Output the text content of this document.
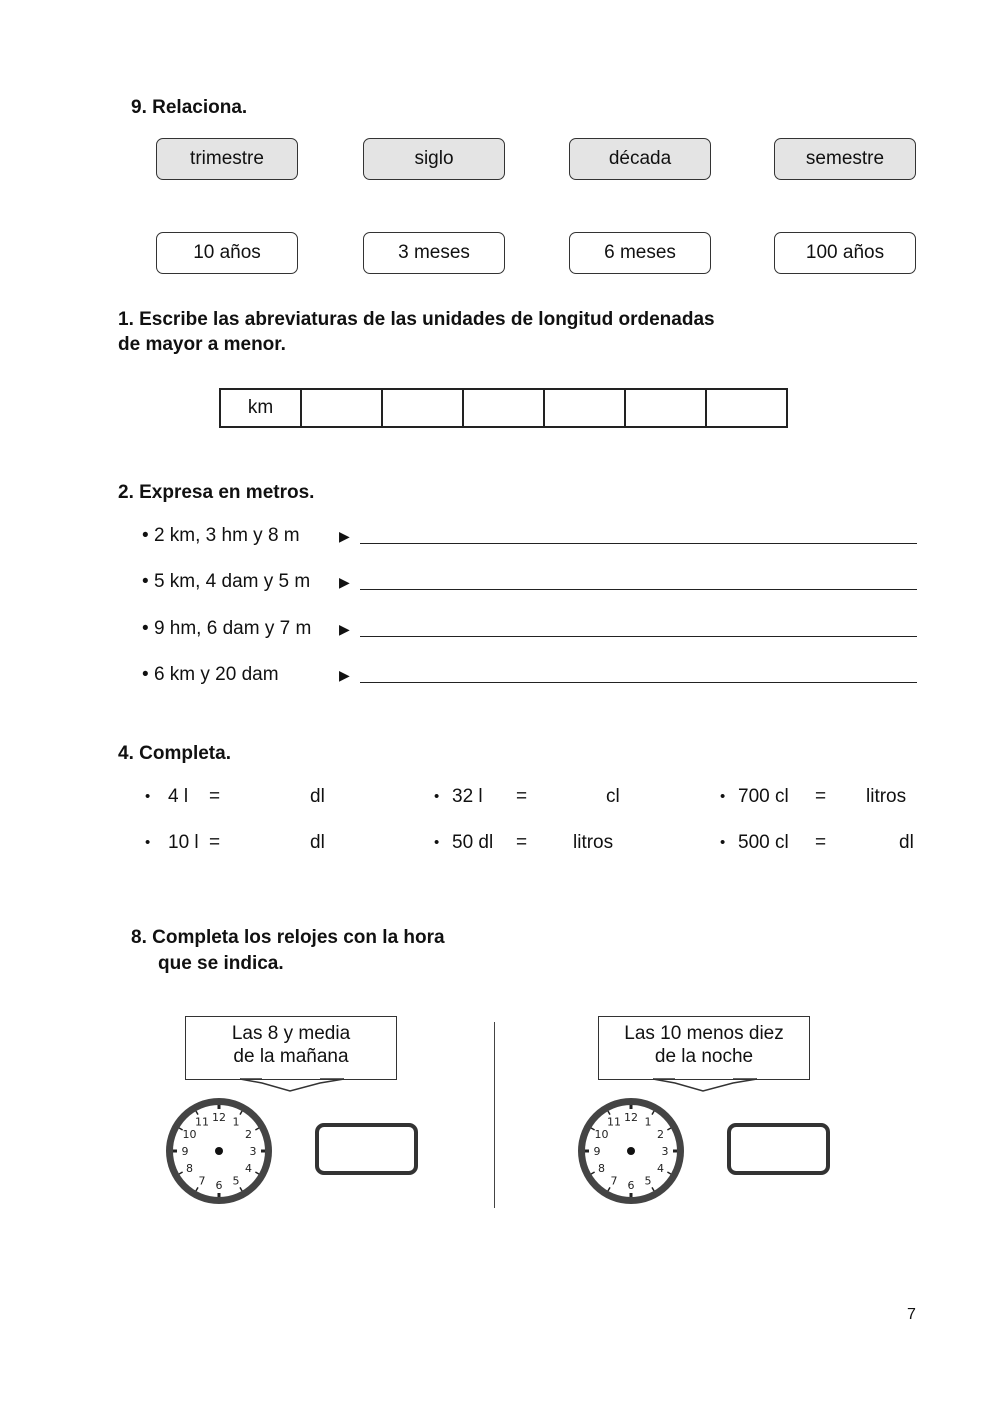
9. Relaciona.
trimestre	siglo	década	semestre
10 años	3 meses	6 meses	100 años
1. Escribe las abreviaturas de las unidades de longitud ordenadas
de mayor a menor.
km						
2. Expresa en metros.
• 2 km, 3 hm y 8 m	▶
• 5 km, 4 dam y 5 m ▶
• 9 hm, 6 dam y 7 m ▶
• 6 km y 20 dam	▶
4. Completa.
• 4 l =	dl	• 32 l =	cl	• 700 cl = litros
• 10 l =	dl	• 50 dl = litros	• 500 cl =	dl
8. Completa los relojes con la hora
que se indica.
Las 8 y media
de la mañana
12 1
2
3
4
5
6
7
8
9
10
11
Las 10 menos diez
de la noche
12 1
2
3
4
5
6
7
8
9
10
11
7
